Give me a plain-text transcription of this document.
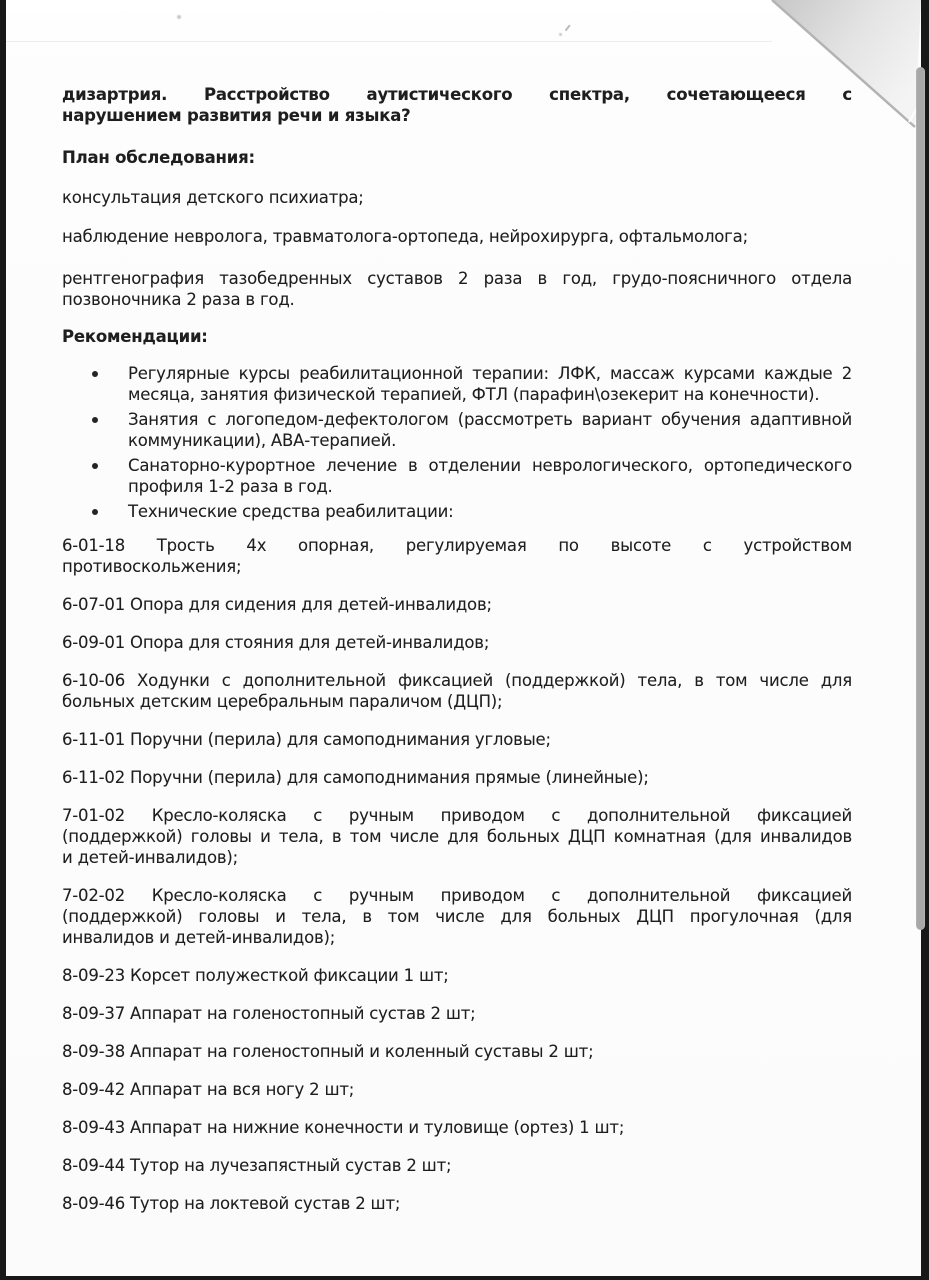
дизартрия. Расстройство аутистического спектра, сочетающееся с
нарушением развития речи и языка?
План обследования:
консультация детского психиатра;
наблюдение невролога, травматолога-ортопеда, нейрохирурга, офтальмолога;
рентгенография тазобедренных суставов 2 раза в год, грудо-поясничного отдела
позвоночника 2 раза в год.
Рекомендации:
Регулярные курсы реабилитационной терапии: ЛФК, массаж курсами каждые 2
месяца, занятия физической терапией, ФТЛ (парафин\озекерит на конечности).
Занятия с логопедом-дефектологом (рассмотреть вариант обучения адаптивной
коммуникации), АВА-терапией.
Санаторно-курортное лечение в отделении неврологического, ортопедического
профиля 1-2 раза в год.
Технические средства реабилитации:
6-01-18 Трость 4х опорная, регулируемая по высоте с устройством
противоскольжения;
6-07-01 Опора для сидения для детей-инвалидов;
6-09-01 Опора для стояния для детей-инвалидов;
6-10-06 Ходунки с дополнительной фиксацией (поддержкой) тела, в том числе для
больных детским церебральным параличом (ДЦП);
6-11-01 Поручни (перила) для самоподнимания угловые;
6-11-02 Поручни (перила) для самоподнимания прямые (линейные);
7-01-02 Кресло-коляска с ручным приводом с дополнительной фиксацией
(поддержкой) головы и тела, в том числе для больных ДЦП комнатная (для инвалидов
и детей-инвалидов);
7-02-02 Кресло-коляска с ручным приводом с дополнительной фиксацией
(поддержкой) головы и тела, в том числе для больных ДЦП прогулочная (для
инвалидов и детей-инвалидов);
8-09-23 Корсет полужесткой фиксации 1 шт;
8-09-37 Аппарат на голеностопный сустав 2 шт;
8-09-38 Аппарат на голеностопный и коленный суставы 2 шт;
8-09-42 Аппарат на вся ногу 2 шт;
8-09-43 Аппарат на нижние конечности и туловище (ортез) 1 шт;
8-09-44 Тутор на лучезапястный сустав 2 шт;
8-09-46 Тутор на локтевой сустав 2 шт;
